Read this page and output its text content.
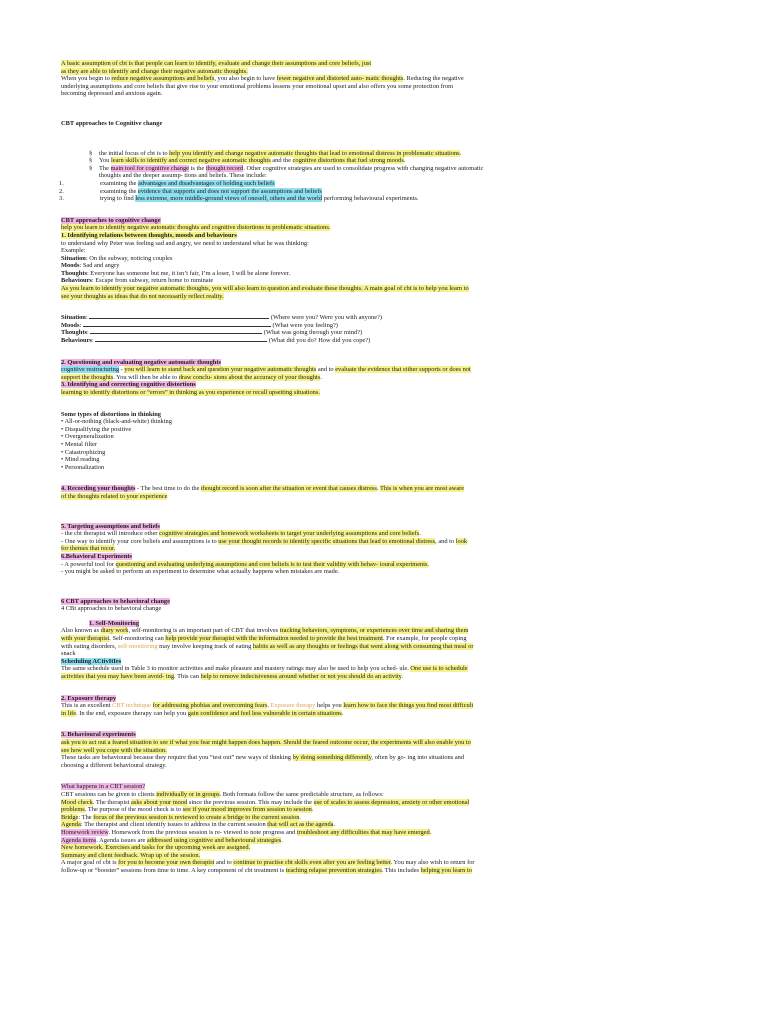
A basic assumption of cbt is that people can learn to identify, evaluate and change their assumptions and core beliefs, just

as they are able to identify and change their negative automatic thoughts.

When you begin to reduce negative assumptions and beliefs, you also begin to have fewer negative and distorted auto- matic thoughts. Reducing the negative

underlying assumptions and core beliefs that give rise to your emotional problems lessens your emotional upset and also offers you some protection from

becoming depressed and anxious again.

CBT approaches to Cognitive change

§	the initial focus of cbt is to help you identify and change negative automatic thoughts that lead to emotional distress in problematic situations.
§	You learn skills to identify and correct negative automatic thoughts and the cognitive distortions that fuel strong moods.
§	The main tool for cognitive change is the thought record. Other cognitive strategies are used to consolidate progress with changing negative automatic
thoughts and the deeper assump- tions and beliefs. These include:
1.	examining the advantages and disadvantages of holding such beliefs
2.	examining the evidence that supports and does not support the assumptions and beliefs
3.	trying to find less extreme, more middle-ground views of oneself, others and the world performing behavioural experiments.

CBT approaches to cognitive change

help you learn to identify negative automatic thoughts and cognitive distortions in problematic situations.

1. Identifying relations between thoughts, moods and behaviours

to understand why Peter was feeling sad and angry, we need to understand what he was thinking:

Example:

Situation: On the subway, noticing couples

Moods: Sad and angry

Thoughts: Everyone has someone but me, it isn’t fair, I’m a loser, I will be alone forever.

Behaviours: Escape from subway, return home to ruminate

As you learn to identify your negative automatic thoughts, you will also learn to question and evaluate these thoughts. A main goal of cbt is to help you learn to

see your thoughts as ideas that do not necessarily reflect reality.

Situation:	(Where were you? Were you with anyone?)

Moods:	(What were you feeling?)

Thoughts:	(What was going through your mind?)

Behaviours:	(What did you do? How did you cope?)

2. Questioning and evaluating negative automatic thoughts

cognitive restructuring - you will learn to stand back and question your negative automatic thoughts and to evaluate the evidence that either supports or does not

support the thoughts. You will then be able to draw conclu- sions about the accuracy of your thoughts.

3. Identifying and correcting cognitive distortions

learning to identify distortions or “errors” in thinking as you experience or recall upsetting situations.

Some types of distortions in thinking

• All-or-nothing (black-and-white) thinking

• Disqualifying the positive

• Overgeneralization

• Mental filter

• Catastrophizing

• Mind reading

• Personalization

4. Recording your thoughts - The best time to do the thought record is soon after the situation or event that causes distress. This is when you are most aware

of the thoughts related to your experience

5. Targeting assumptions and beliefs

- the cbt therapist will introduce other cognitive strategies and homework worksheets to target your underlying assumptions and core beliefs.

- One way to identify your core beliefs and assumptions is to use your thought records to identify specific situations that lead to emotional distress, and to look

for themes that recur.

6.Behavioral Experiments

- A powerful tool for questioning and evaluating underlying assumptions and core beliefs is to test their validity with behav- ioural experiments.

- you might be asked to perform an experiment to determine what actually happens when mistakes are made.

6 CBT approaches to behavioral change

4 CBt approaches to behavioral change

1. Self-Monitoring

Also known as diary work, self-monitoring is an important part of CBT that involves tracking behaviors, symptoms, or experiences over time and sharing them

with your therapist. Self-monitoring can help provide your therapist with the information needed to provide the best treatment. For example, for people coping

with eating disorders, self-monitoring may involve keeping track of eating habits as well as any thoughts or feelings that went along with consuming that meal or

snack

Scheduling ACtivItIes

The same schedule used in Table 3 to monitor activities and make pleasure and mastery ratings may also be used to help you sched- ule. One use is to schedule

activities that you may have been avoid- ing. This can help to remove indecisiveness around whether or not you should do an activity.

2. Exposure therapy

This is an excellent CBT technique for addressing phobias and overcoming fears. Exposure therapy helps you learn how to face the things you find most difficult

in life. In the end, exposure therapy can help you gain confidence and feel less vulnerable in certain situations.

3. Behavioural experiments

ask you to act out a feared situation to see if what you fear might happen does happen. Should the feared outcome occur, the experiments will also enable you to

see how well you cope with the situation.

These tasks are behavioural because they require that you “test out” new ways of thinking by doing something differently, often by go- ing into situations and

choosing a different behavioural strategy.

What happens in a CBT session?

CBT sessions can be given to clients individually or in groups. Both formats follow the same predictable structure, as follows:

Mood check. The therapist asks about your mood since the previous session. This may include the use of scales to assess depression, anxiety or other emotional

problems. The purpose of the mood check is to see if your mood improves from session to session.

Bridge: The focus of the previous session is reviewed to create a bridge to the current session.

Agenda: The therapist and client identify issues to address in the current session that will act as the agenda.

Homework review. Homework from the previous session is re- viewed to note progress and troubleshoot any difficulties that may have emerged.

Agenda items. Agenda issues are addressed using cognitive and behavioural strategies.

New homework. Exercises and tasks for the upcoming week are assigned.

Summary and client feedback. Wrap up of the session.

A major goal of cbt is for you to become your own therapist and to continue to practise cbt skills even after you are feeling better. You may also wish to return for

follow-up or “booster” sessions from time to time. A key component of cbt treatment is teaching relapse prevention strategies. This includes helping you learn to
